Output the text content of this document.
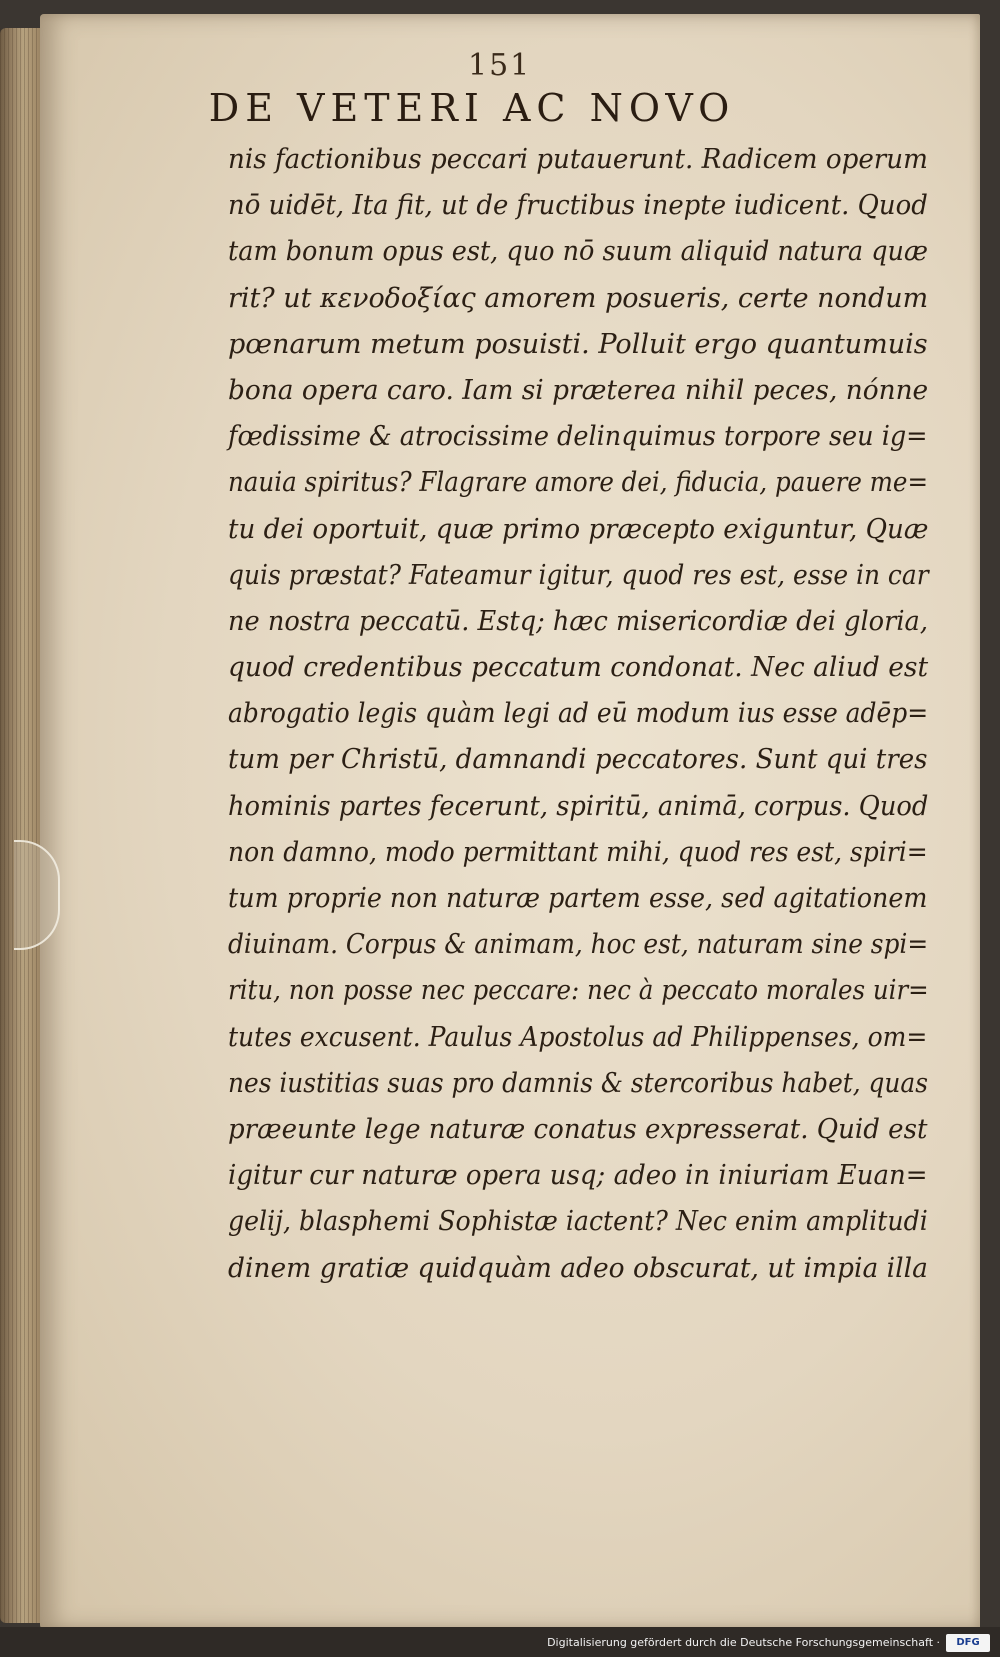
151
DE VETERI AC NOVO
nis factionibus peccari putauerunt. Radicem operum
nō uidēt, Ita fit, ut de fructibus inepte iudicent. Quod
tam bonum opus est, quo nō suum aliquid natura quæ
rit? ut κενοδοξίας amorem posueris, certe nondum
pœnarum metum posuisti. Polluit ergo quantumuis
bona opera caro. Iam si præterea nihil peces, nónne
fœdissime & atrocissime delinquimus torpore seu ig=
nauia spiritus? Flagrare amore dei, fiducia, pauere me=
tu dei oportuit, quæ primo præcepto exiguntur, Quæ
quis præstat? Fateamur igitur, quod res est, esse in car
ne nostra peccatū. Estq; hæc misericordiæ dei gloria,
quod credentibus peccatum condonat. Nec aliud est
abrogatio legis quàm legi ad eū modum ius esse adēp=
tum per Christū, damnandi peccatores. Sunt qui tres
hominis partes fecerunt, spiritū, animā, corpus. Quod
non damno, modo permittant mihi, quod res est, spiri=
tum proprie non naturæ partem esse, sed agitationem
diuinam. Corpus & animam, hoc est, naturam sine spi=
ritu, non posse nec peccare: nec à peccato morales uir=
tutes excusent. Paulus Apostolus ad Philippenses, om=
nes iustitias suas pro damnis & stercoribus habet, quas
præeunte lege naturæ conatus expresserat. Quid est
igitur cur naturæ opera usq; adeo in iniuriam Euan=
gelij, blasphemi Sophistæ iactent? Nec enim amplitudi
dinem gratiæ quidquàm adeo obscurat, ut impia illa
Digitalisierung gefördert durch die Deutsche Forschungsgemeinschaft ·	DFG
